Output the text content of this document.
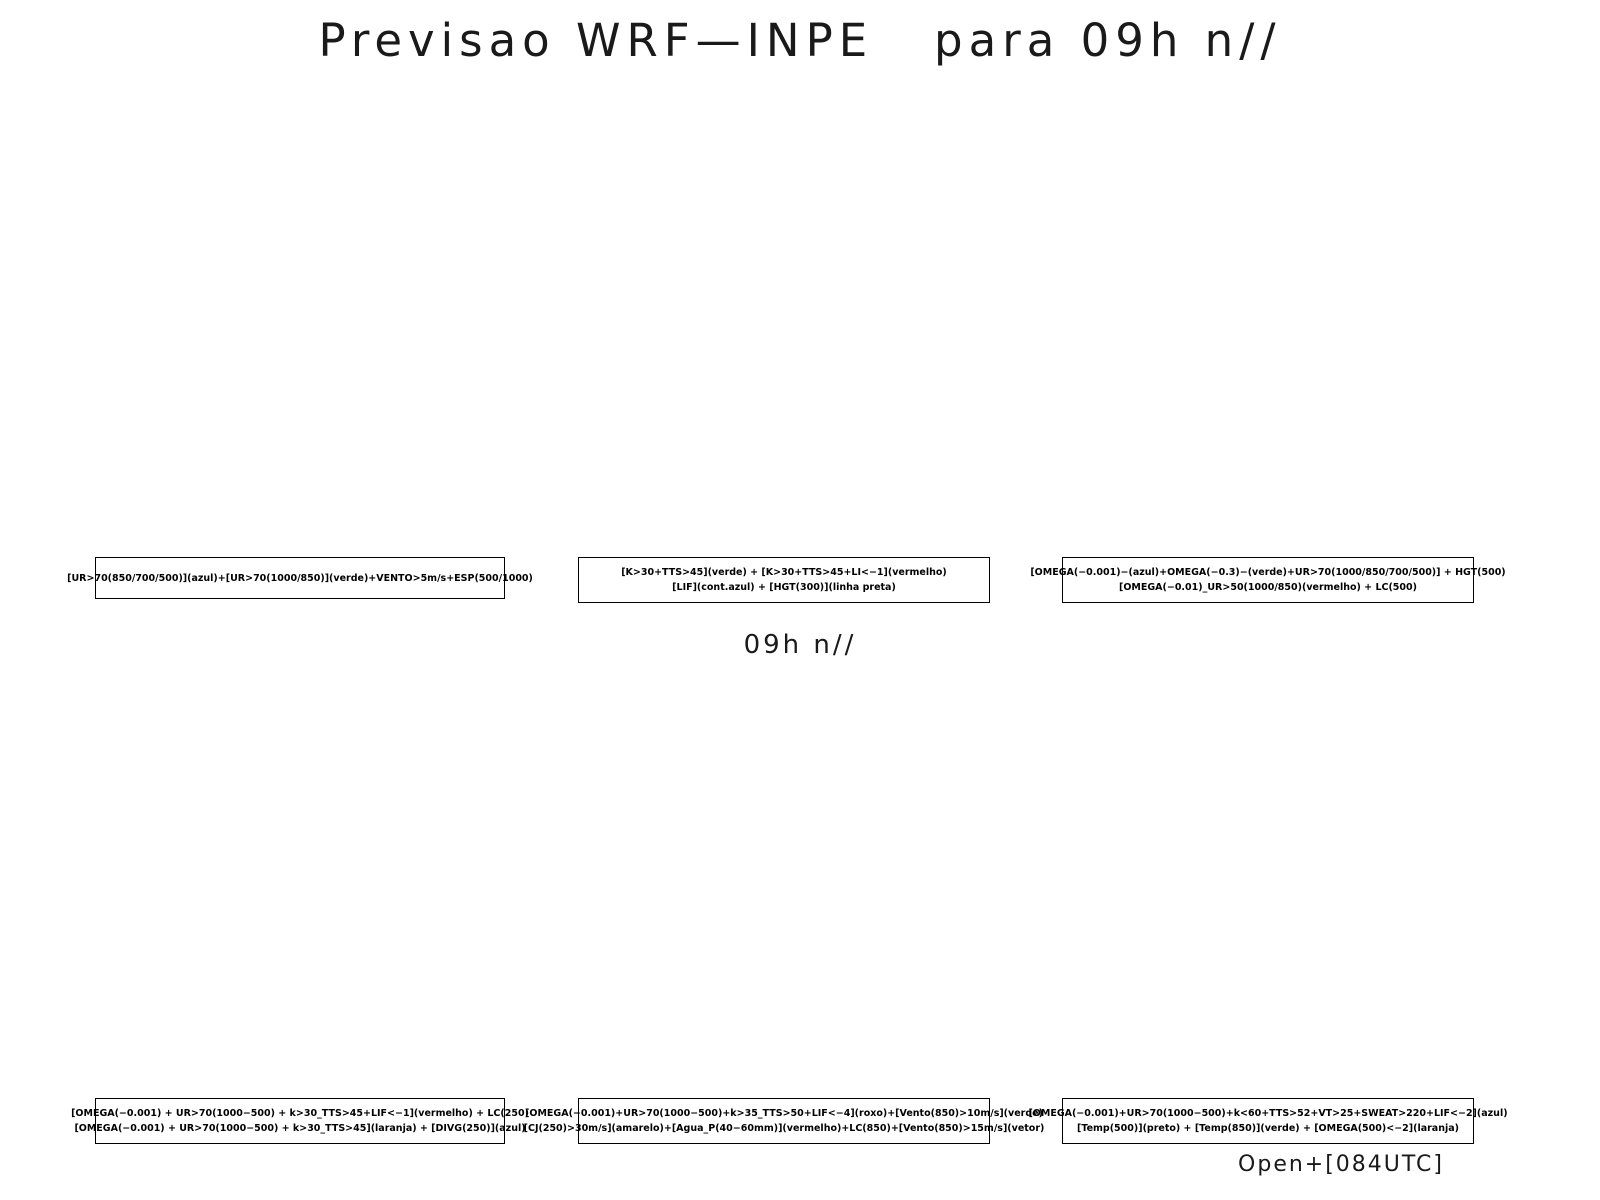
Previsao WRF—INPE   para 09h n//
[UR>70(850/700/500)](azul)+[UR>70(1000/850)](verde)+VENTO>5m/s+ESP(500/1000)	[K>30+TTS>45](verde) + [K>30+TTS>45+LI<−1](vermelho)
[LIF](cont.azul) + [HGT(300)](linha preta)
[OMEGA(−0.001)−(azul)+OMEGA(−0.3)−(verde)+UR>70(1000/850/700/500)] + HGT(500)
[OMEGA(−0.01)_UR>50(1000/850)(vermelho) + LC(500)
09h n//
[OMEGA(−0.001) + UR>70(1000−500) + k>30_TTS>45+LIF<−1](vermelho) + LC(250)
[OMEGA(−0.001) + UR>70(1000−500) + k>30_TTS>45](laranja) + [DIVG(250)](azul)
[OMEGA(−0.001)+UR>70(1000−500)+k>35_TTS>50+LIF<−4](roxo)+[Vento(850)>10m/s](verde)
[CJ(250)>30m/s](amarelo)+[Agua_P(40−60mm)](vermelho)+LC(850)+[Vento(850)>15m/s](vetor)
[OMEGA(−0.001)+UR>70(1000−500)+k<60+TTS>52+VT>25+SWEAT>220+LIF<−2](azul)
[Temp(500)](preto) + [Temp(850)](verde) + [OMEGA(500)<−2](laranja)
Open+[084UTC]
